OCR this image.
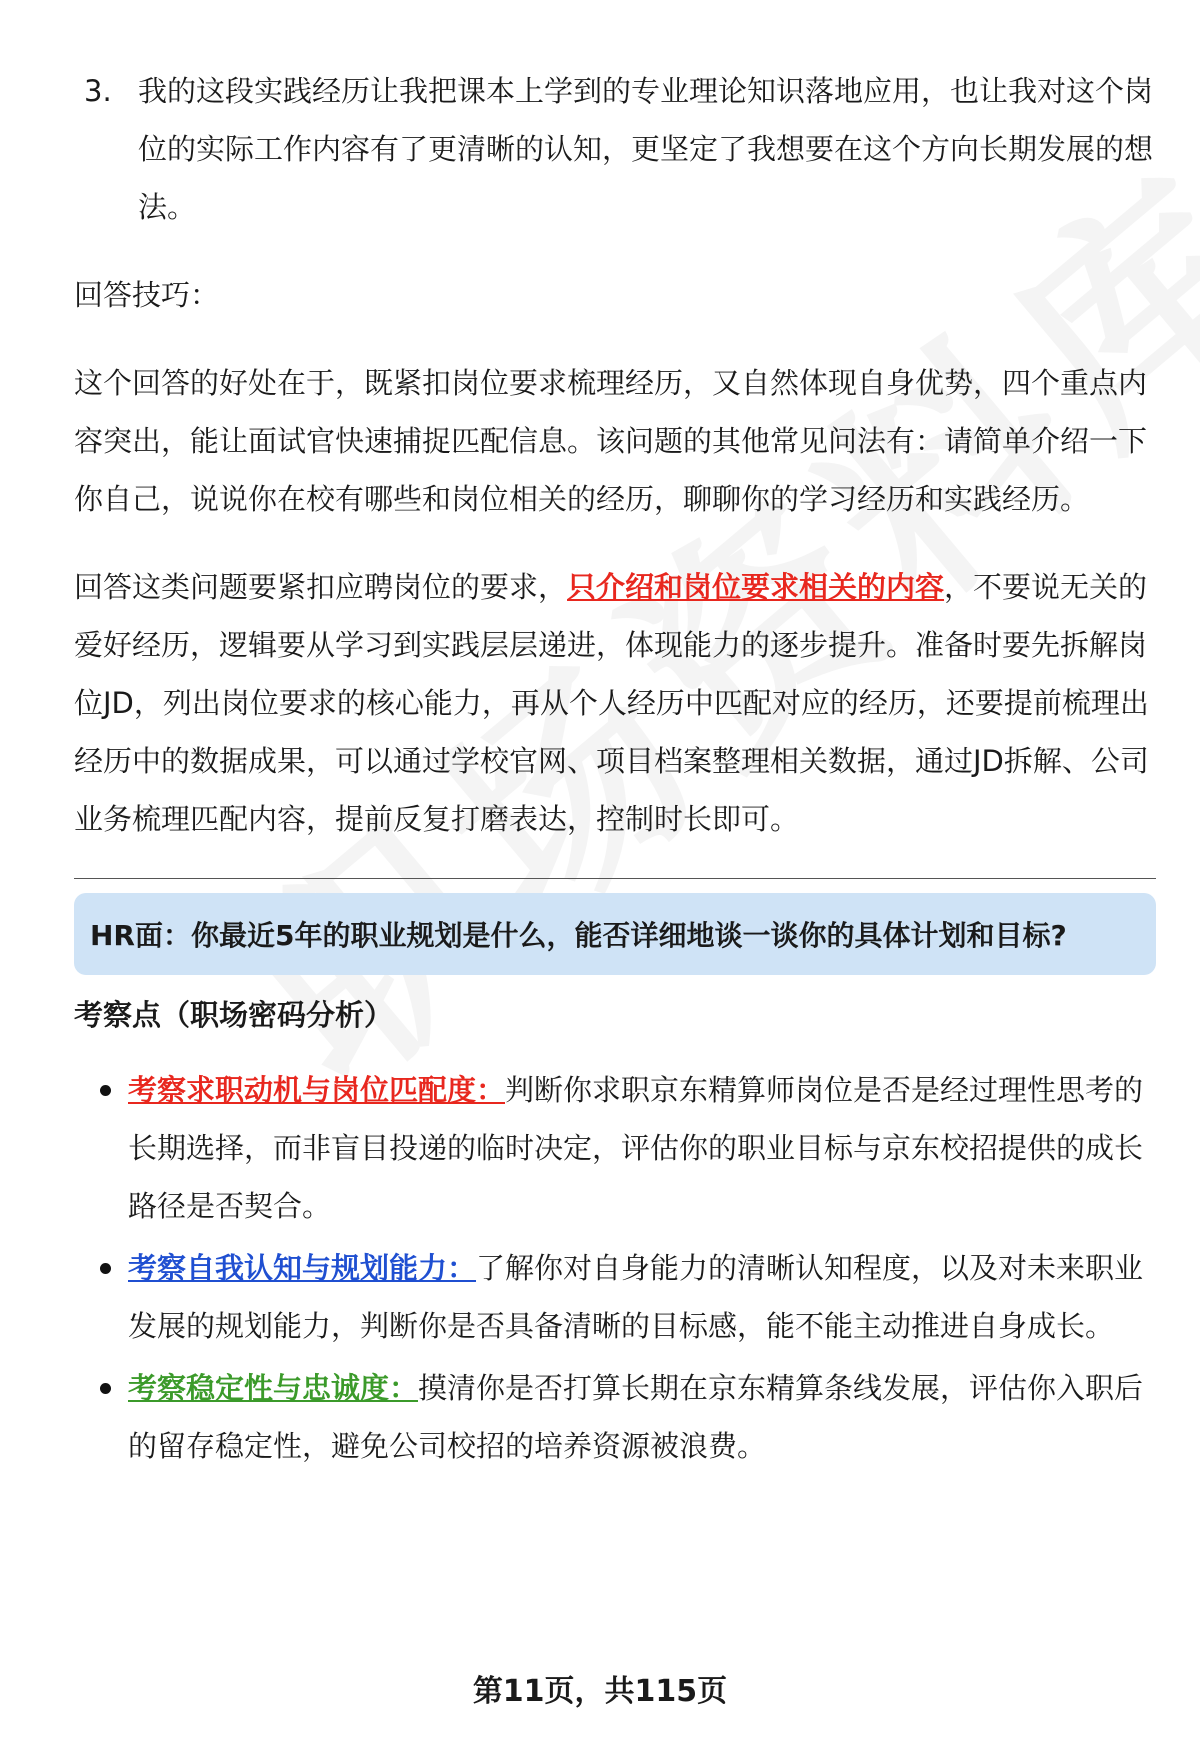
3. 我的这段实践经历让我把课本上学到的专业理论知识落地应用，也让我对这个岗位的实际工作内容有了更清晰的认知，更坚定了我想要在这个方向长期发展的想法。

回答技巧：

这个回答的好处在于，既紧扣岗位要求梳理经历，又自然体现自身优势，四个重点内容突出，能让面试官快速捕捉匹配信息。该问题的其他常见问法有：请简单介绍一下你自己，说说你在校有哪些和岗位相关的经历，聊聊你的学习经历和实践经历。

回答这类问题要紧扣应聘岗位的要求，只介绍和岗位要求相关的内容，不要说无关的爱好经历，逻辑要从学习到实践层层递进，体现能力的逐步提升。准备时要先拆解岗位JD，列出岗位要求的核心能力，再从个人经历中匹配对应的经历，还要提前梳理出经历中的数据成果，可以通过学校官网、项目档案整理相关数据，通过JD拆解、公司业务梳理匹配内容，提前反复打磨表达，控制时长即可。

HR面：你最近5年的职业规划是什么，能否详细地谈一谈你的具体计划和目标?
考察点（职场密码分析）
考察求职动机与岗位匹配度：判断你求职京东精算师岗位是否是经过理性思考的长期选择，而非盲目投递的临时决定，评估你的职业目标与京东校招提供的成长路径是否契合。
考察自我认知与规划能力：了解你对自身能力的清晰认知程度，以及对未来职业发展的规划能力，判断你是否具备清晰的目标感，能不能主动推进自身成长。
考察稳定性与忠诚度：摸清你是否打算长期在京东精算条线发展，评估你入职后的留存稳定性，避免公司校招的培养资源被浪费。
第11页，共115页
